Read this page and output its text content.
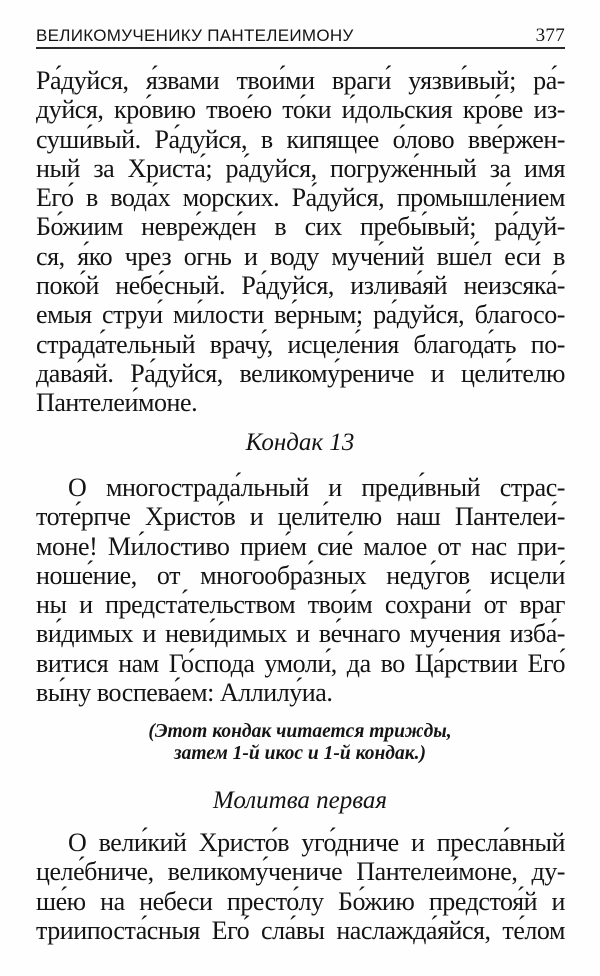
ВЕЛИКОМУЧЕНИКУ ПАНТЕЛЕИМОНУ	377
Ра́дуйся, я́звами твои́ми враги́ уязви́вый; ра́-
дуйся, кро́вию твое́ю то́ки и́дольския кро́ве из-
суши́вый. Ра́дуйся, в кипящее о́лово вве́ржен-
ный за Христа́; ра́дуйся, погруже́нный за имя
Его́ в вода́х морских. Ра́дуйся, промышле́нием
Бо́жиим невре́жде́н в сих пребы́вый; ра́дуй-
ся, я́ко чрез огнь и воду муче́ний вше́л еси́ в
поко́й небе́сный. Ра́дуйся, излива́яй неизсяка́-
емыя струи́ ми́лости ве́рным; ра́дуйся, благосо-
страда́тельный врачу́, исцеле́ния благода́ть по-
дава́яй. Ра́дуйся, великому́рениче и цели́телю
Пантелеи́моне.
Кондак 13
О многострада́льный и преди́вный страс-
тоте́рпче Христо́в и цели́телю наш Пантелеи́-
моне! Ми́лостиво прие́м сие́ малое от нас при-
ноше́ние, от многообра́зных неду́гов исцели́
ны и предста́тельством твои́м сохрани́ от враг
ви́димых и неви́димых и ве́чнаго мучения изба́-
витися нам Го́спода умоли́, да во Ца́рствии Его́
вы́ну воспева́ем: Аллилу́иа.
(Этот кондак читается трижды,
затем 1-й икос и 1-й кондак.)
Молитва первая
О вели́кий Христо́в уго́дниче и пресла́вный
целе́бниче, великому́чениче Пантелеи́моне, ду-
ше́ю на небеси престо́лу Бо́жию предстоя́й и
триипоста́сныя Его́ сла́вы наслажда́яйся, те́лом
